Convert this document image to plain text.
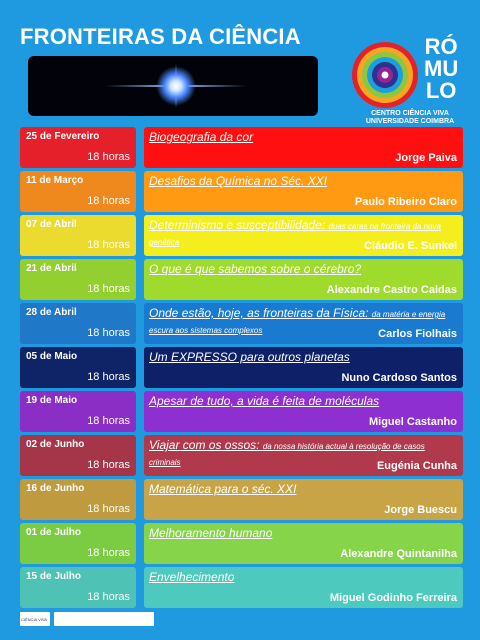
FRONTEIRAS DA CIÊNCIA	RÓ
MU
LO
CENTRO CIÊNCIA VIVA
UNIVERSIDADE COIMBRA
25 de Fevereiro
18 horas
Biogeografia da cor
Jorge Paiva
11 de Março
18 horas
Desafios da Química no Séc. XXI
Paulo Ribeiro Claro
07 de Abril
18 horas
Determinismo e susceptibilidade: duas caras na fronteira da nova genética	Cláudio E. Sunkel
21 de Abril
18 horas
O que é que sabemos sobre o cérebro?
Alexandre Castro Caldas
28 de Abril
18 horas
Onde estão, hoje, as fronteiras da Física: da matéria e energia escura aos sistemas complexos	Carlos Fiolhais
05 de Maio
18 horas
Um EXPRESSO para outros planetas
Nuno Cardoso Santos
19 de Maio
18 horas
Apesar de tudo, a vida é feita de moléculas
Miguel Castanho
02 de Junho
18 horas
Viajar com os ossos: da nossa história actual à resolução de casos criminais	Eugénia Cunha
16 de Junho
18 horas
Matemática para o séc. XXI
Jorge Buescu
01 de Julho
18 horas
Melhoramento humano
Alexandre Quintanilha
15 de Julho
18 horas
Envelhecimento
Miguel Godinho Ferreira
CIÊNCIA VIVA
